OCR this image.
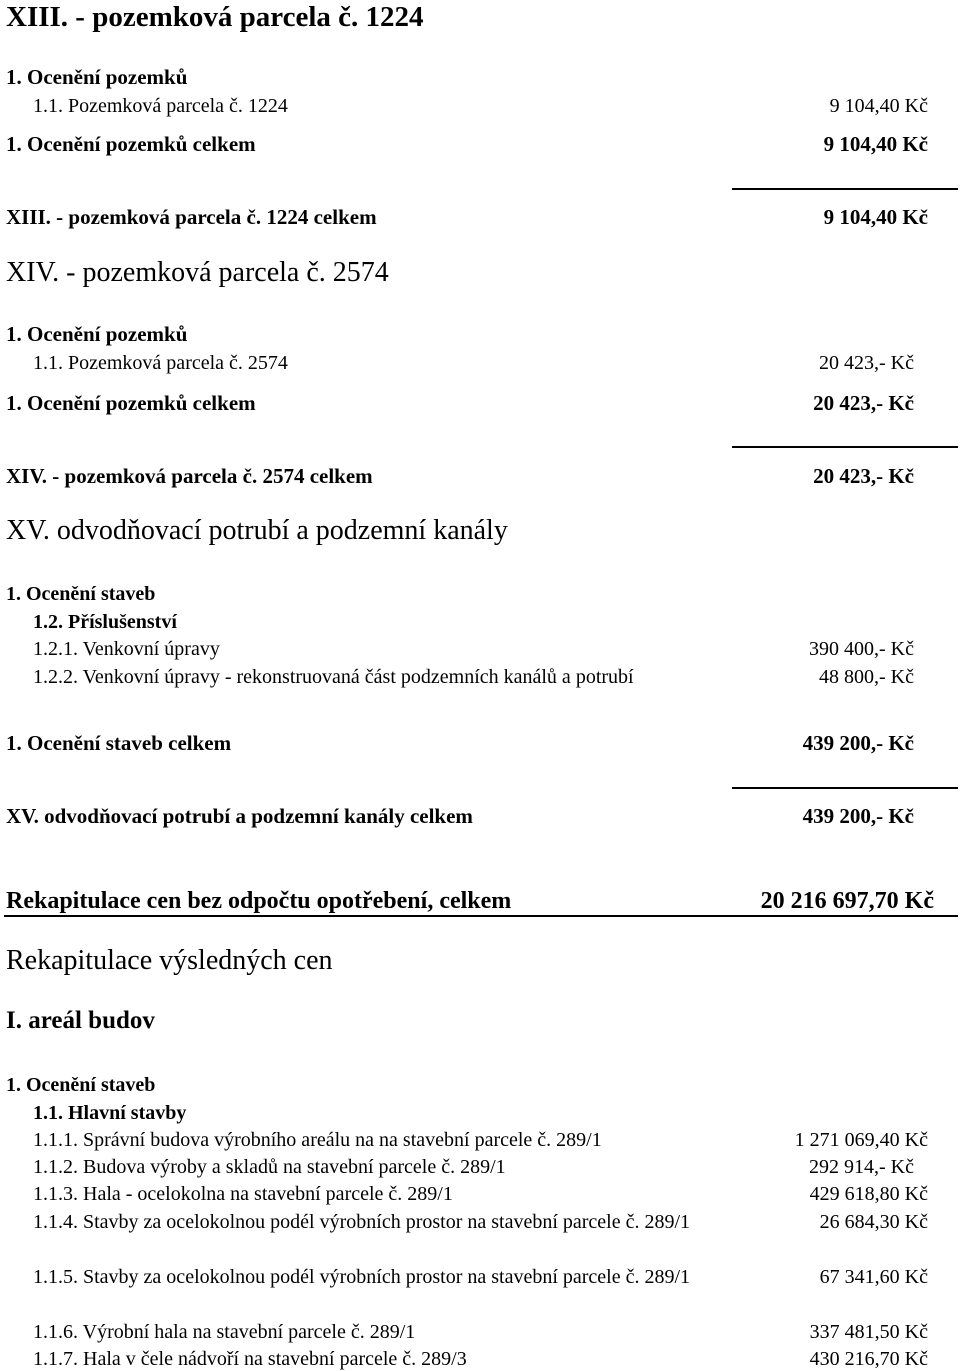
XIII. - pozemková parcela č. 1224
1. Ocenění pozemků
1.1. Pozemková parcela č. 1224	9 104,40 Kč
1. Ocenění pozemků celkem	9 104,40 Kč
XIII. - pozemková parcela č. 1224 celkem	9 104,40 Kč
XIV. - pozemková parcela č. 2574
1. Ocenění pozemků
1.1. Pozemková parcela č. 2574	20 423,- Kč
1. Ocenění pozemků celkem	20 423,- Kč
XIV. - pozemková parcela č. 2574 celkem	20 423,- Kč
XV. odvodňovací potrubí a podzemní kanály
1. Ocenění staveb
1.2. Příslušenství
1.2.1. Venkovní úpravy	390 400,- Kč
1.2.2. Venkovní úpravy - rekonstruovaná část podzemních kanálů a potrubí	48 800,- Kč
1. Ocenění staveb celkem	439 200,- Kč
XV. odvodňovací potrubí a podzemní kanály celkem	439 200,- Kč
Rekapitulace cen bez odpočtu opotřebení, celkem	20 216 697,70 Kč
Rekapitulace výsledných cen
I. areál budov
1. Ocenění staveb
1.1. Hlavní stavby
1.1.1. Správní budova výrobního areálu na na stavební parcele č. 289/1	1 271 069,40 Kč
1.1.2. Budova výroby a skladů na stavební parcele č. 289/1	292 914,- Kč
1.1.3. Hala - ocelokolna na stavební parcele č. 289/1	429 618,80 Kč
1.1.4. Stavby za ocelokolnou podél výrobních prostor na stavební parcele č. 289/1	26 684,30 Kč
1.1.5. Stavby za ocelokolnou podél výrobních prostor na stavební parcele č. 289/1	67 341,60 Kč
1.1.6. Výrobní hala na stavební parcele č. 289/1	337 481,50 Kč
1.1.7. Hala v čele nádvoří na stavební parcele č. 289/3	430 216,70 Kč
